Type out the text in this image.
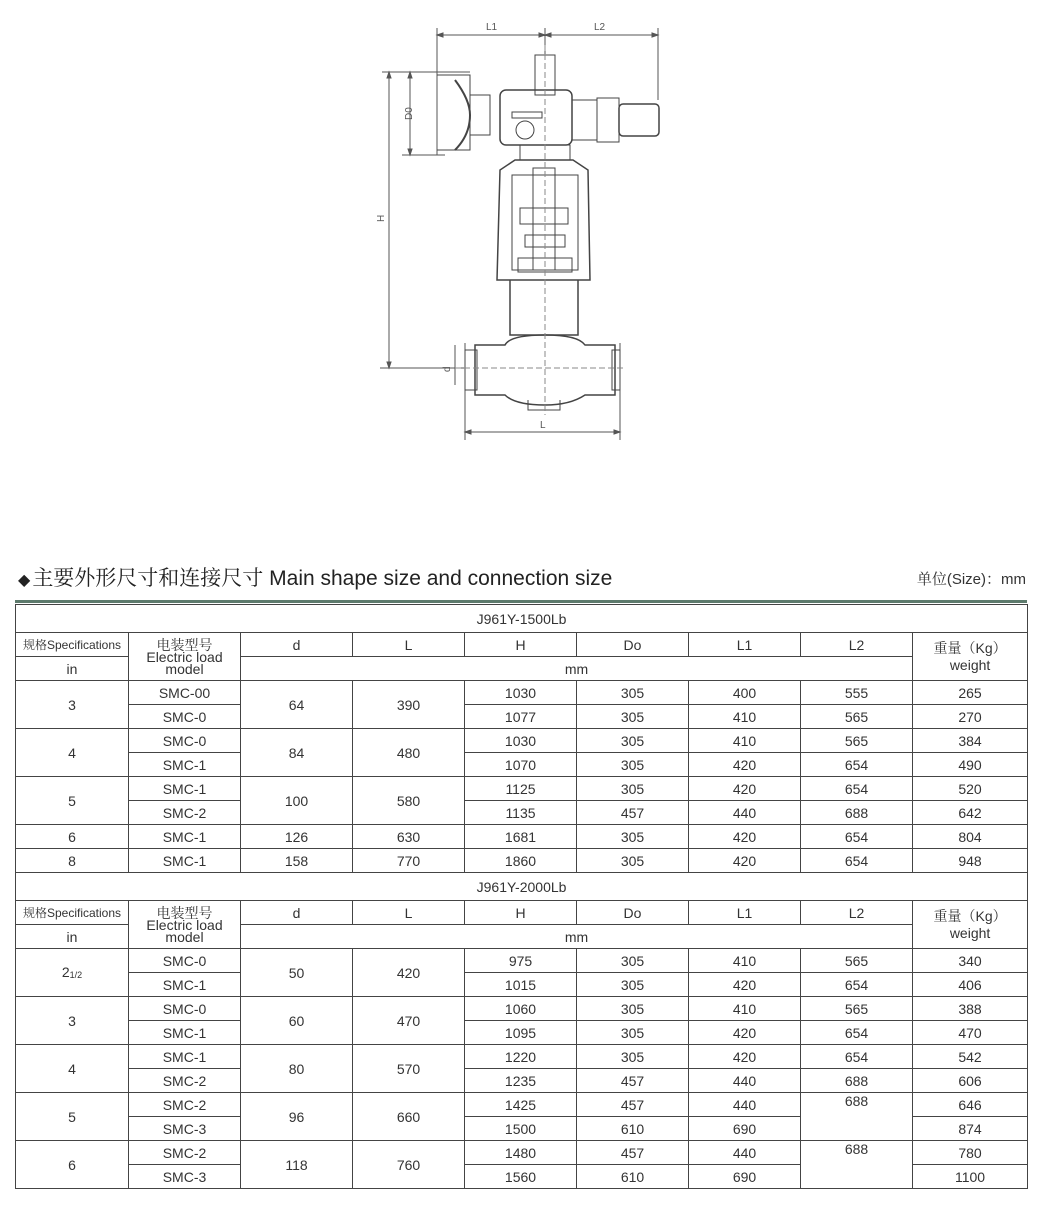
L1	L2
D0
H
d
L
◆主要外形尺寸和连接尺寸 Main shape size and connection size	单位(Size)：mm
J961Y-1500Lb								
规格Specifications	电装型号
Electric load
model	d	L	H	Do	L1	L2	重量（Kg）
weight

in		mm						
3	SMC-00	64	390	1030	305	400	555	265
	SMC-0			1077	305	410	565	270
4	SMC-0	84	480	1030	305	410	565	384
	SMC-1			1070	305	420	654	490
5	SMC-1	100	580	1125	305	420	654	520
	SMC-2			1135	457	440	688	642
6	SMC-1	126	630	1681	305	420	654	804
8	SMC-1	158	770	1860	305	420	654	948
J961Y-2000Lb								
规格Specifications	电装型号
Electric load
model	d	L	H	Do	L1	L2	重量（Kg）
weight

in		mm						
$2_{1/2}$	SMC-0	50	420	975	305	410	565	340
	SMC-1			1015	305	420	654	406
3	SMC-0	60	470	1060	305	410	565	388
	SMC-1			1095	305	420	654	470
4	SMC-1	80	570	1220	305	420	654	542
	SMC-2			1235	457	440	688	606
5	SMC-2	96	660	1425	457	440	688	646
	SMC-3			1500	610	690		874
6	SMC-2	118	760	1480	457	440	688	780
	SMC-3			1560	610	690		1100
